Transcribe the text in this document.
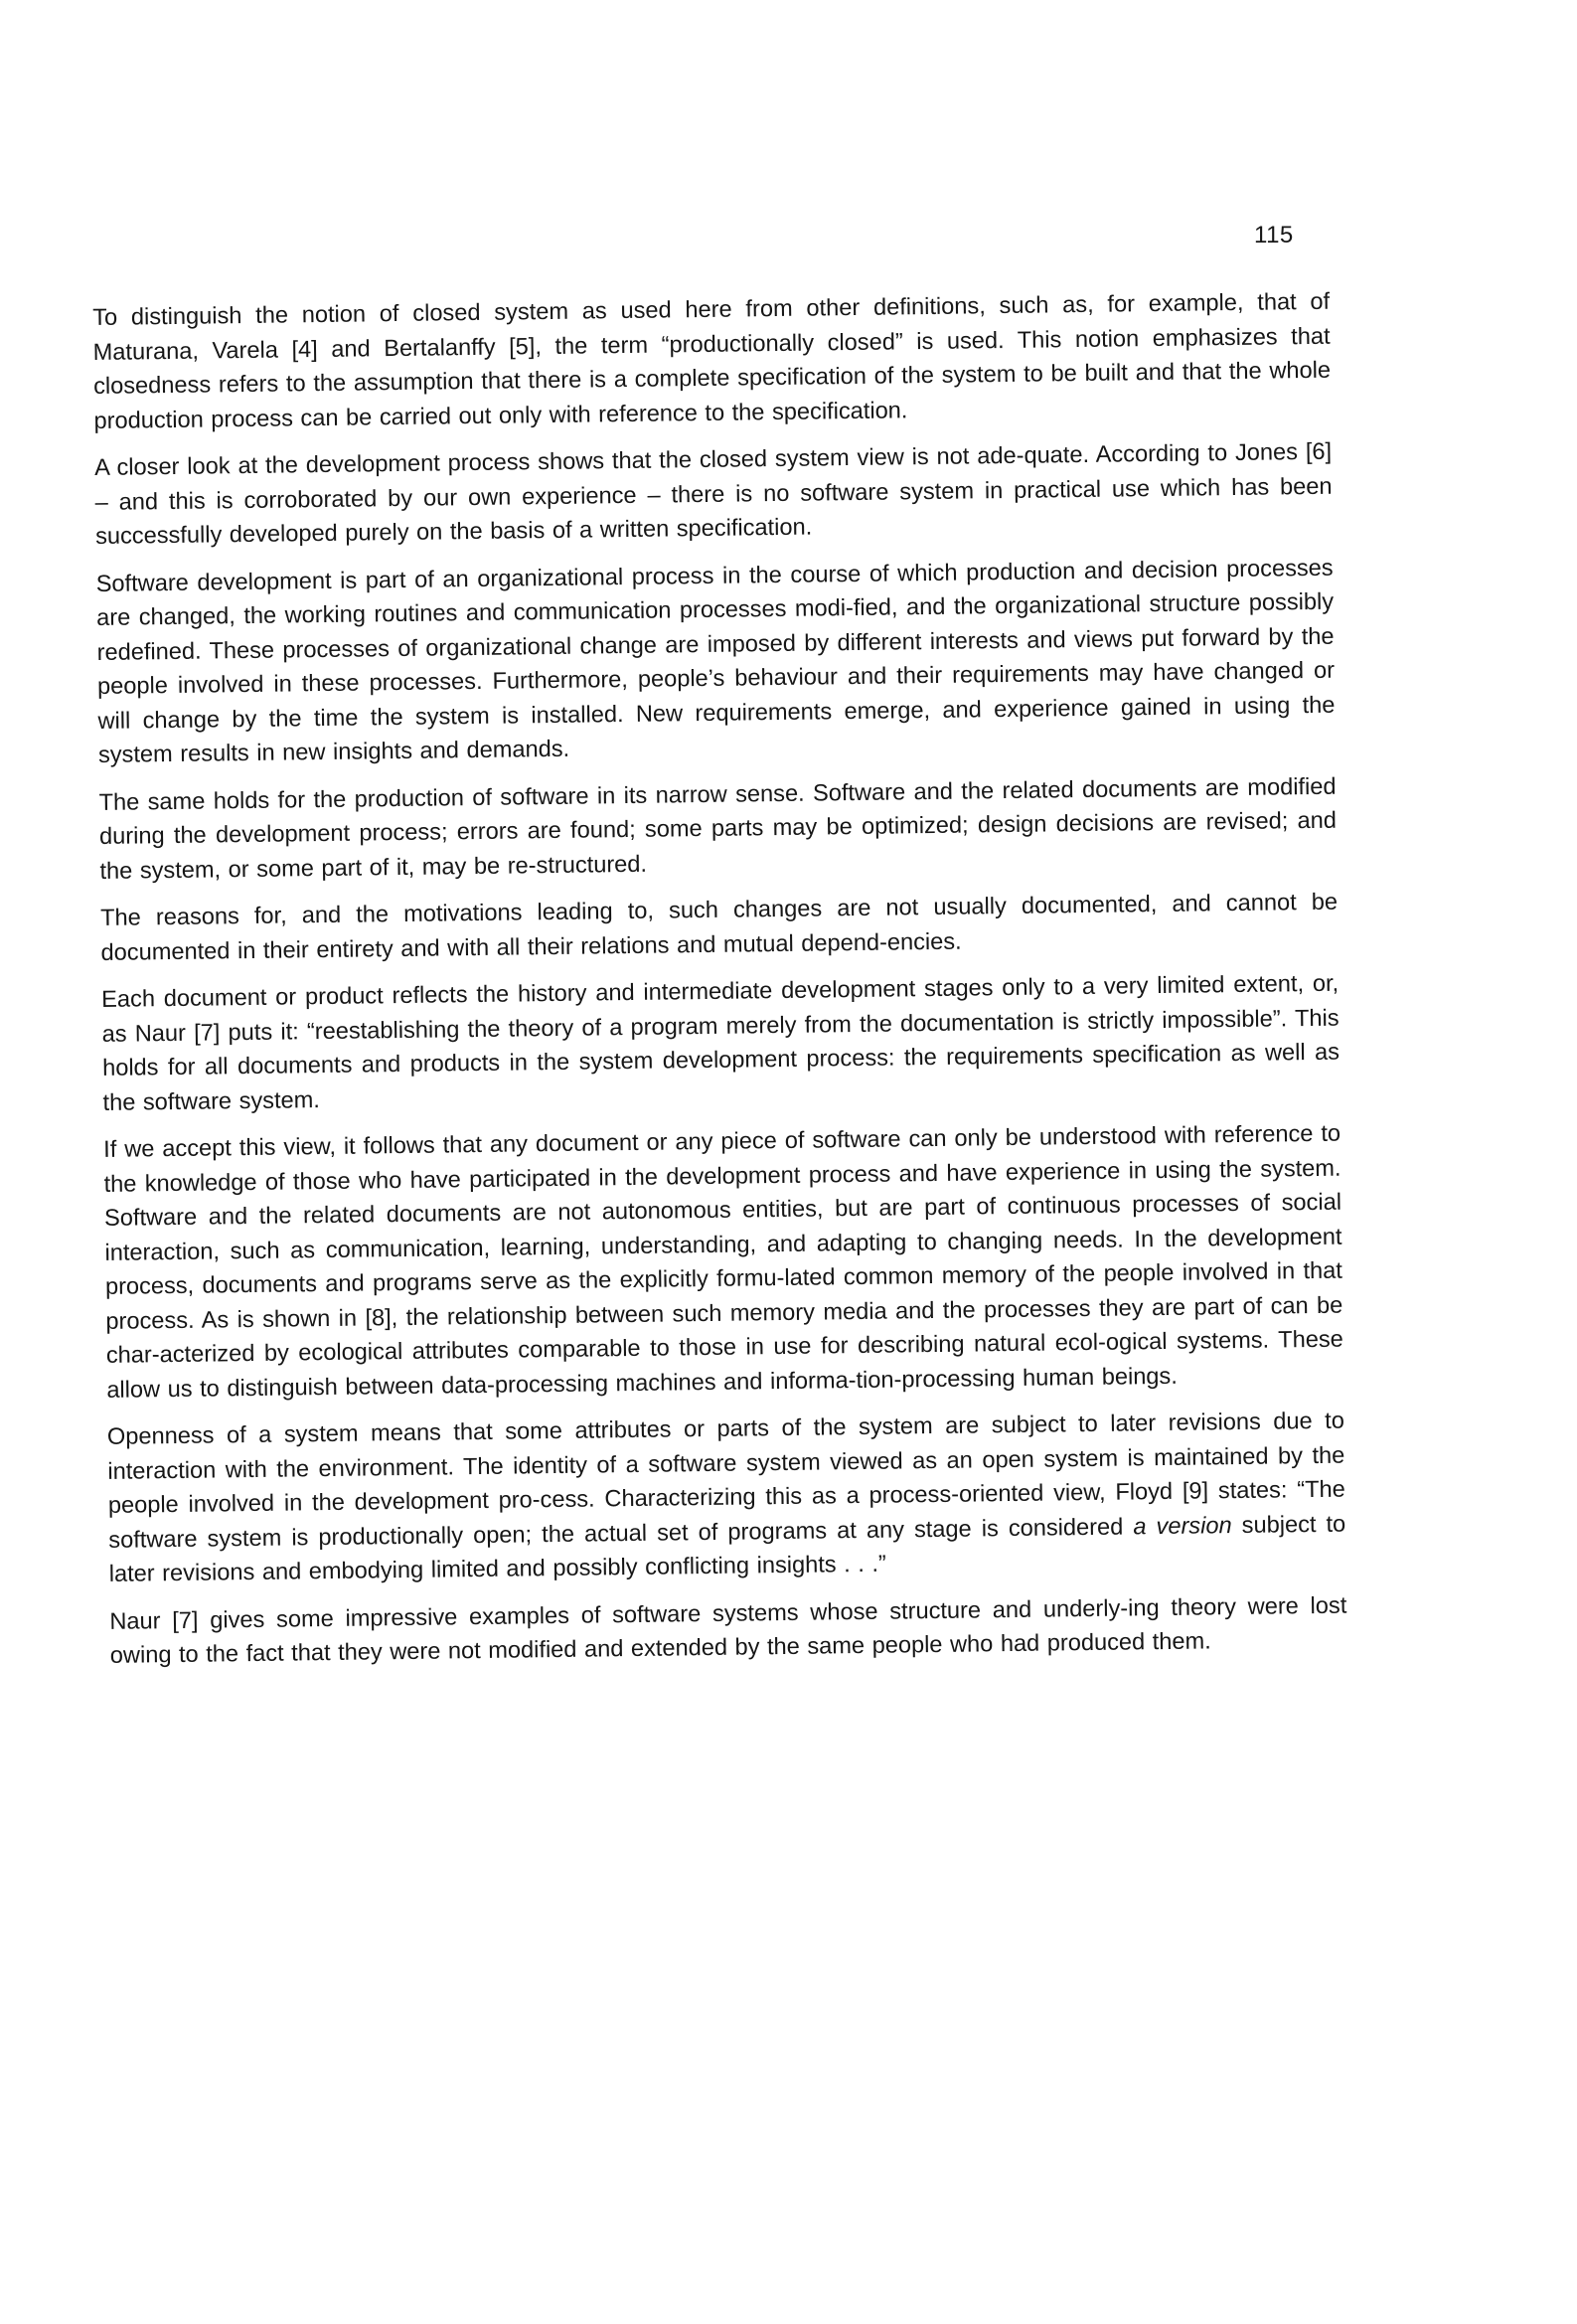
115

To distinguish the notion of closed system as used here from other definitions, such as, for example, that of Maturana, Varela [4] and Bertalanffy [5], the term “productionally closed” is used. This notion emphasizes that closedness refers to the assumption that there is a complete specification of the system to be built and that the whole production process can be carried out only with reference to the specification.

A closer look at the development process shows that the closed system view is not ade-quate. According to Jones [6] – and this is corroborated by our own experience – there is no software system in practical use which has been successfully developed purely on the basis of a written specification.

Software development is part of an organizational process in the course of which production and decision processes are changed, the working routines and communication processes modi-fied, and the organizational structure possibly redefined. These processes of organizational change are imposed by different interests and views put forward by the people involved in these processes. Furthermore, people’s behaviour and their requirements may have changed or will change by the time the system is installed. New requirements emerge, and experience gained in using the system results in new insights and demands.

The same holds for the production of software in its narrow sense. Software and the related documents are modified during the development process; errors are found; some parts may be optimized; design decisions are revised; and the system, or some part of it, may be re-structured.

The reasons for, and the motivations leading to, such changes are not usually documented, and cannot be documented in their entirety and with all their relations and mutual depend-encies.

Each document or product reflects the history and intermediate development stages only to a very limited extent, or, as Naur [7] puts it: “reestablishing the theory of a program merely from the documentation is strictly impossible”. This holds for all documents and products in the system development process: the requirements specification as well as the software system.

If we accept this view, it follows that any document or any piece of software can only be understood with reference to the knowledge of those who have participated in the development process and have experience in using the system. Software and the related documents are not autonomous entities, but are part of continuous processes of social interaction, such as communication, learning, understanding, and adapting to changing needs. In the development process, documents and programs serve as the explicitly formu-lated common memory of the people involved in that process. As is shown in [8], the relationship between such memory media and the processes they are part of can be char-acterized by ecological attributes comparable to those in use for describing natural ecol-ogical systems. These allow us to distinguish between data-processing machines and informa-tion-processing human beings.

Openness of a system means that some attributes or parts of the system are subject to later revisions due to interaction with the environment. The identity of a software system viewed as an open system is maintained by the people involved in the development pro-cess. Characterizing this as a process-oriented view, Floyd [9] states: “The software system is productionally open; the actual set of programs at any stage is considered a version subject to later revisions and embodying limited and possibly conflicting insights . . .”

Naur [7] gives some impressive examples of software systems whose structure and underly-ing theory were lost owing to the fact that they were not modified and extended by the same people who had produced them.
